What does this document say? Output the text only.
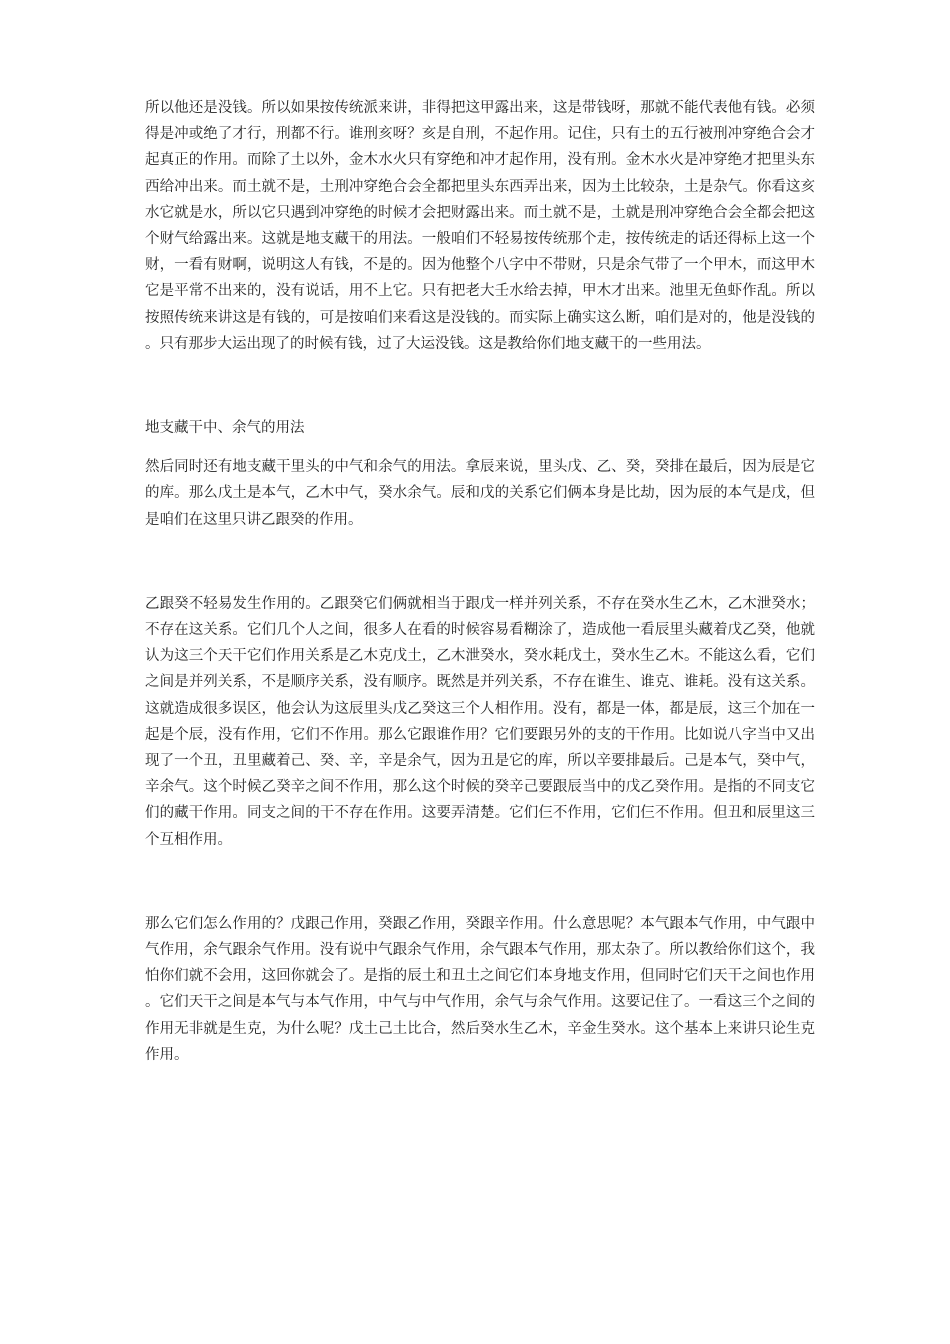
所以他还是没钱。所以如果按传统派来讲，非得把这甲露出来，这是带钱呀，那就不能代表他有钱。必须得是冲或绝了才行，刑都不行。谁刑亥呀？亥是自刑，不起作用。记住，只有土的五行被刑冲穿绝合会才起真正的作用。而除了土以外，金木水火只有穿绝和冲才起作用，没有刑。金木水火是冲穿绝才把里头东西给冲出来。而土就不是，土刑冲穿绝合会全都把里头东西弄出来，因为土比较杂，土是杂气。你看这亥水它就是水，所以它只遇到冲穿绝的时候才会把财露出来。而土就不是，土就是刑冲穿绝合会全都会把这个财气给露出来。这就是地支藏干的用法。一般咱们不轻易按传统那个走，按传统走的话还得标上这一个财，一看有财啊，说明这人有钱，不是的。因为他整个八字中不带财，只是余气带了一个甲木，而这甲木它是平常不出来的，没有说话，用不上它。只有把老大壬水给去掉，甲木才出来。池里无鱼虾作乱。所以按照传统来讲这是有钱的，可是按咱们来看这是没钱的。而实际上确实这么断，咱们是对的，他是没钱的。只有那步大运出现了的时候有钱，过了大运没钱。这是教给你们地支藏干的一些用法。

地支藏干中、余气的用法

然后同时还有地支藏干里头的中气和余气的用法。拿辰来说，里头戊、乙、癸，癸排在最后，因为辰是它的库。那么戊土是本气，乙木中气，癸水余气。辰和戊的关系它们俩本身是比劫，因为辰的本气是戊，但是咱们在这里只讲乙跟癸的作用。

乙跟癸不轻易发生作用的。乙跟癸它们俩就相当于跟戊一样并列关系，不存在癸水生乙木，乙木泄癸水；不存在这关系。它们几个人之间，很多人在看的时候容易看糊涂了，造成他一看辰里头藏着戊乙癸，他就认为这三个天干它们作用关系是乙木克戊土，乙木泄癸水，癸水耗戊土，癸水生乙木。不能这么看，它们之间是并列关系，不是顺序关系，没有顺序。既然是并列关系，不存在谁生、谁克、谁耗。没有这关系。这就造成很多误区，他会认为这辰里头戊乙癸这三个人相作用。没有，都是一体，都是辰，这三个加在一起是个辰，没有作用，它们不作用。那么它跟谁作用？它们要跟另外的支的干作用。比如说八字当中又出现了一个丑，丑里藏着己、癸、辛，辛是余气，因为丑是它的库，所以辛要排最后。己是本气，癸中气，辛余气。这个时候乙癸辛之间不作用，那么这个时候的癸辛己要跟辰当中的戊乙癸作用。是指的不同支它们的藏干作用。同支之间的干不存在作用。这要弄清楚。它们仨不作用，它们仨不作用。但丑和辰里这三个互相作用。

那么它们怎么作用的？戊跟己作用，癸跟乙作用，癸跟辛作用。什么意思呢？本气跟本气作用，中气跟中气作用，余气跟余气作用。没有说中气跟余气作用，余气跟本气作用，那太杂了。所以教给你们这个，我怕你们就不会用，这回你就会了。是指的辰土和丑土之间它们本身地支作用，但同时它们天干之间也作用。它们天干之间是本气与本气作用，中气与中气作用，余气与余气作用。这要记住了。一看这三个之间的作用无非就是生克，为什么呢？戊土己土比合，然后癸水生乙木，辛金生癸水。这个基本上来讲只论生克作用。
